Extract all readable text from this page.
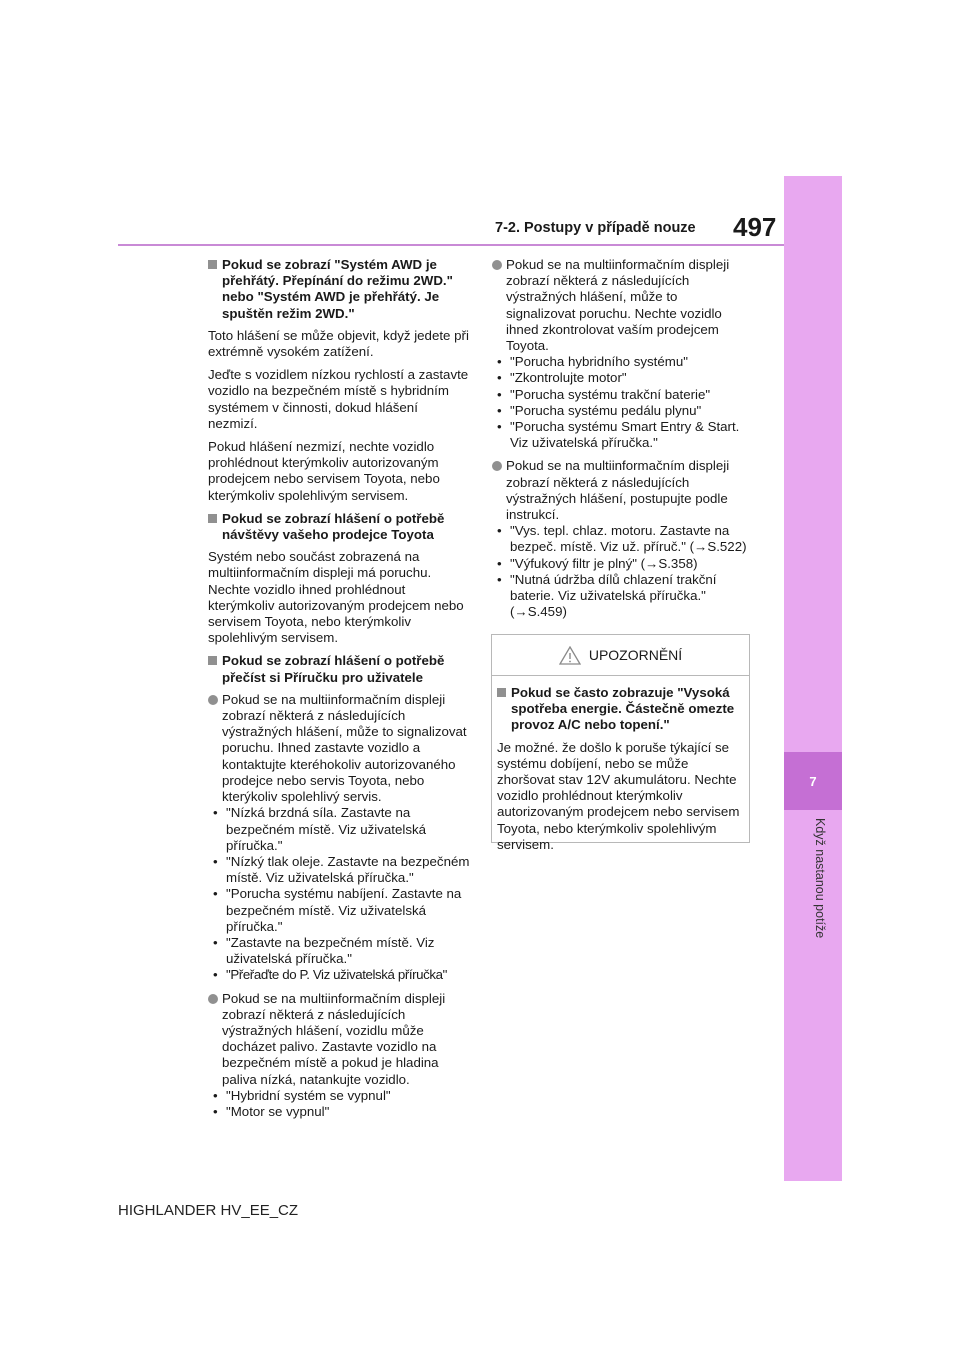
7
Když nastanou potíže
7-2. Postupy v případě nouze 497
Pokud se zobrazí "Systém AWD je přehřátý. Přepínání do režimu 2WD." nebo "Systém AWD je přehřátý. Je spuštěn režim 2WD."

Toto hlášení se může objevit, když jedete při extrémně vysokém zatížení.

Jeďte s vozidlem nízkou rychlostí a zastavte vozidlo na bezpečném místě s hybridním systémem v činnosti, dokud hlášení nezmizí.

Pokud hlášení nezmizí, nechte vozidlo prohlédnout kterýmkoliv autorizovaným prodejcem nebo servisem Toyota, nebo kterýmkoliv spolehlivým servisem.

Pokud se zobrazí hlášení o potřebě návštěvy vašeho prodejce Toyota

Systém nebo součást zobrazená na multiinformačním displeji má poruchu. Nechte vozidlo ihned prohlédnout kterýmkoliv autorizovaným prodejcem nebo servisem Toyota, nebo kterýmkoliv spolehlivým servisem.

Pokud se zobrazí hlášení o potřebě přečíst si Příručku pro uživatele
Pokud se na multiinformačním displeji zobrazí některá z následujících výstražných hlášení, může to signalizovat poruchu. Ihned zastavte vozidlo a kontaktujte kteréhokoliv autorizovaného prodejce nebo servis Toyota, nebo kterýkoliv spolehlivý servis.
• "Nízká brzdná síla. Zastavte na bezpečném místě. Viz uživatelská příručka."
• "Nízký tlak oleje. Zastavte na bezpečném místě. Viz uživatelská příručka."
• "Porucha systému nabíjení. Zastavte na bezpečném místě. Viz uživatelská příručka."
• "Zastavte na bezpečném místě. Viz uživatelská příručka."
• "Přeřaďte do P. Viz uživatelská příručka"
Pokud se na multiinformačním displeji zobrazí některá z následujících výstražných hlášení, vozidlu může docházet palivo. Zastavte vozidlo na bezpečném místě a pokud je hladina paliva nízká, natankujte vozidlo.
• "Hybridní systém se vypnul"
• "Motor se vypnul"
Pokud se na multiinformačním displeji zobrazí některá z následujících výstražných hlášení, může to signalizovat poruchu. Nechte vozidlo ihned zkontrolovat vaším prodejcem Toyota.
• "Porucha hybridního systému"
• "Zkontrolujte motor"
• "Porucha systému trakční baterie"
• "Porucha systému pedálu plynu"
• "Porucha systému Smart Entry & Start. Viz uživatelská příručka."
Pokud se na multiinformačním displeji zobrazí některá z následujících výstražných hlášení, postupujte podle instrukcí.
• "Vys. tepl. chlaz. motoru. Zastavte na bezpeč. místě. Viz už. příruč." (→S.522)
• "Výfukový filtr je plný" (→S.358)
• "Nutná údržba dílů chlazení trakční baterie. Viz uživatelská příručka." (→S.459)
UPOZORNĚNÍ
Pokud se často zobrazuje "Vysoká spotřeba energie. Částečně omezte provoz A/C nebo topení."

Je možné. že došlo k poruše týkající se systému dobíjení, nebo se může zhoršovat stav 12V akumulátoru. Nechte vozidlo prohlédnout kterýmkoliv autorizovaným prodejcem nebo servisem Toyota, nebo kterýmkoliv spolehlivým servisem.

HIGHLANDER HV_EE_CZ
